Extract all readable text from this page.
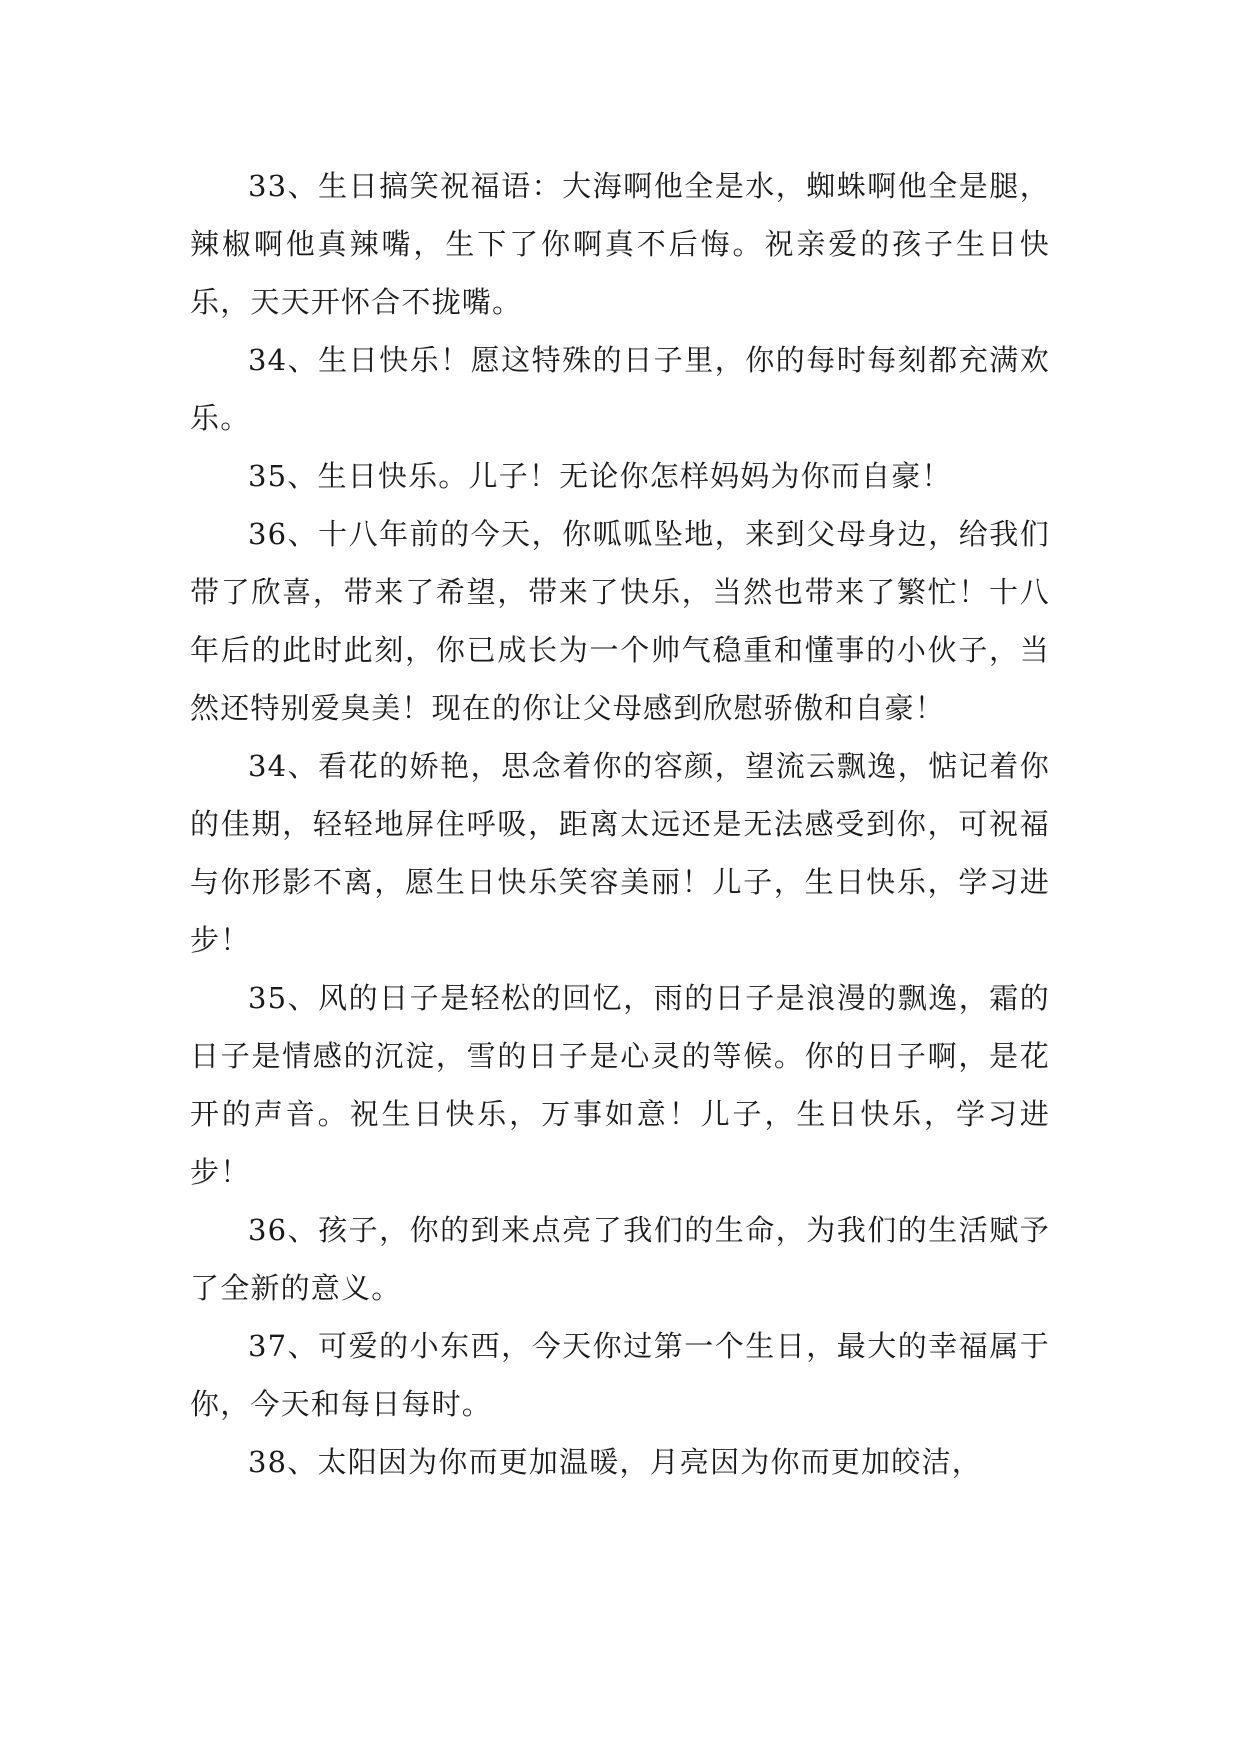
33、生日搞笑祝福语：大海啊他全是水，蜘蛛啊他全是腿，辣椒啊他真辣嘴，生下了你啊真不后悔。祝亲爱的孩子生日快乐，天天开怀合不拢嘴。

34、生日快乐！愿这特殊的日子里，你的每时每刻都充满欢乐。

35、生日快乐。儿子！无论你怎样妈妈为你而自豪！

36、十八年前的今天，你呱呱坠地，来到父母身边，给我们带了欣喜，带来了希望，带来了快乐，当然也带来了繁忙！十八年后的此时此刻，你已成长为一个帅气稳重和懂事的小伙子，当然还特别爱臭美！现在的你让父母感到欣慰骄傲和自豪！

34、看花的娇艳，思念着你的容颜，望流云飘逸，惦记着你的佳期，轻轻地屏住呼吸，距离太远还是无法感受到你，可祝福与你形影不离，愿生日快乐笑容美丽！儿子，生日快乐，学习进步！

35、风的日子是轻松的回忆，雨的日子是浪漫的飘逸，霜的日子是情感的沉淀，雪的日子是心灵的等候。你的日子啊，是花开的声音。祝生日快乐，万事如意！儿子，生日快乐，学习进步！

36、孩子，你的到来点亮了我们的生命，为我们的生活赋予了全新的意义。

37、可爱的小东西，今天你过第一个生日，最大的幸福属于你，今天和每日每时。

38、太阳因为你而更加温暖，月亮因为你而更加皎洁，
